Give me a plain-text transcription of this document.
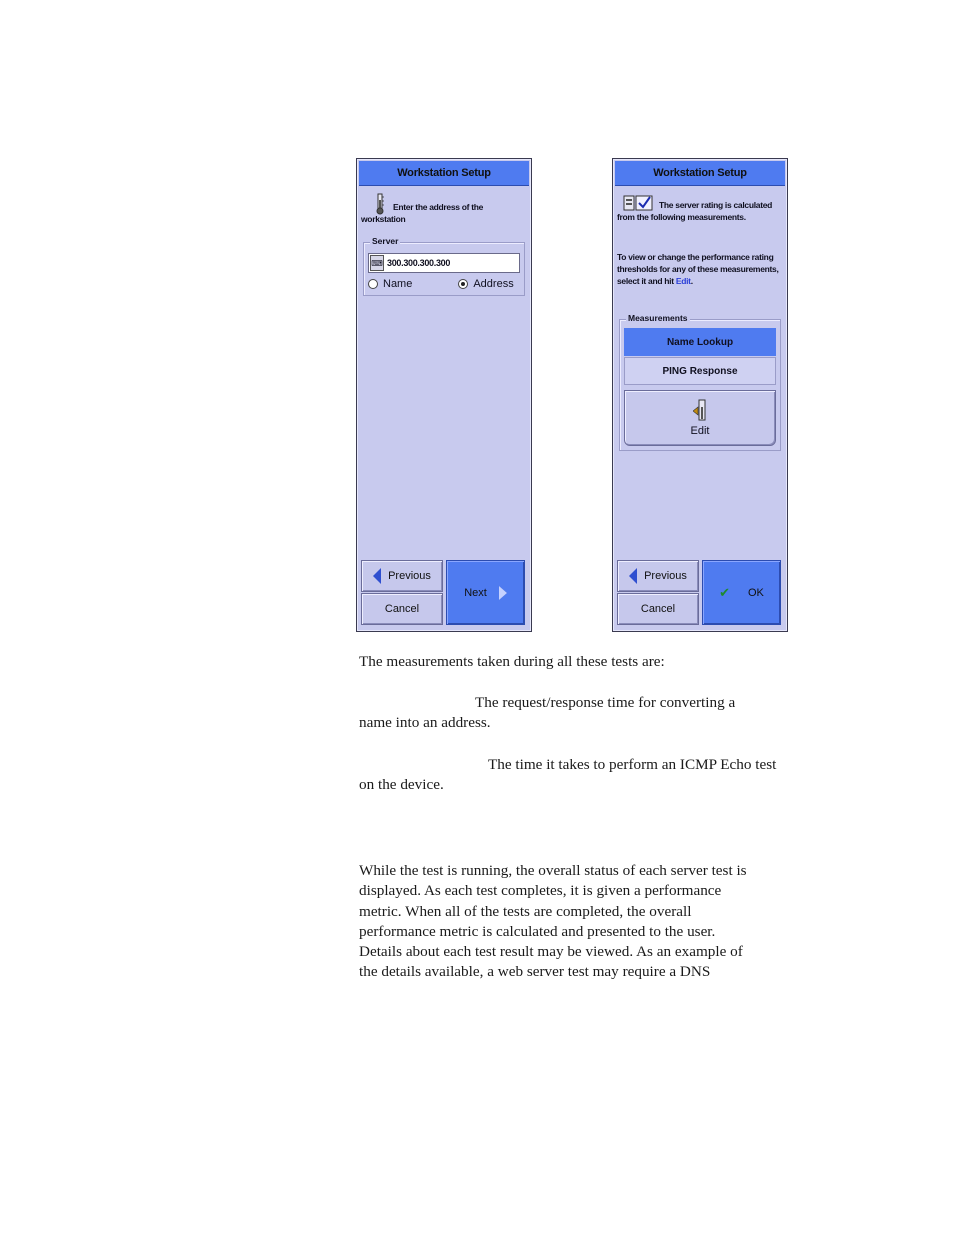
Workstation Setup
Enter the address of the workstation
Server
⌨ 300.300.300.300
Name	Address
Previous
Cancel
Next
Workstation Setup
The server rating is calculated from the following measurements.
To view or change the performance rating thresholds for any of these measurements, select it and hit Edit.
Measurements
Name Lookup
PING Response
Edit
Previous
Cancel
✔ OK
The measurements taken during all these tests are:
The request/response time for converting a
name into an address.
The time it takes to perform an ICMP Echo test
on the device.
While the test is running, the overall status of each server test is
displayed. As each test completes, it is given a performance
metric. When all of the tests are completed, the overall
performance metric is calculated and presented to the user.
Details about each test result may be viewed. As an example of
the details available, a web server test may require a DNS
